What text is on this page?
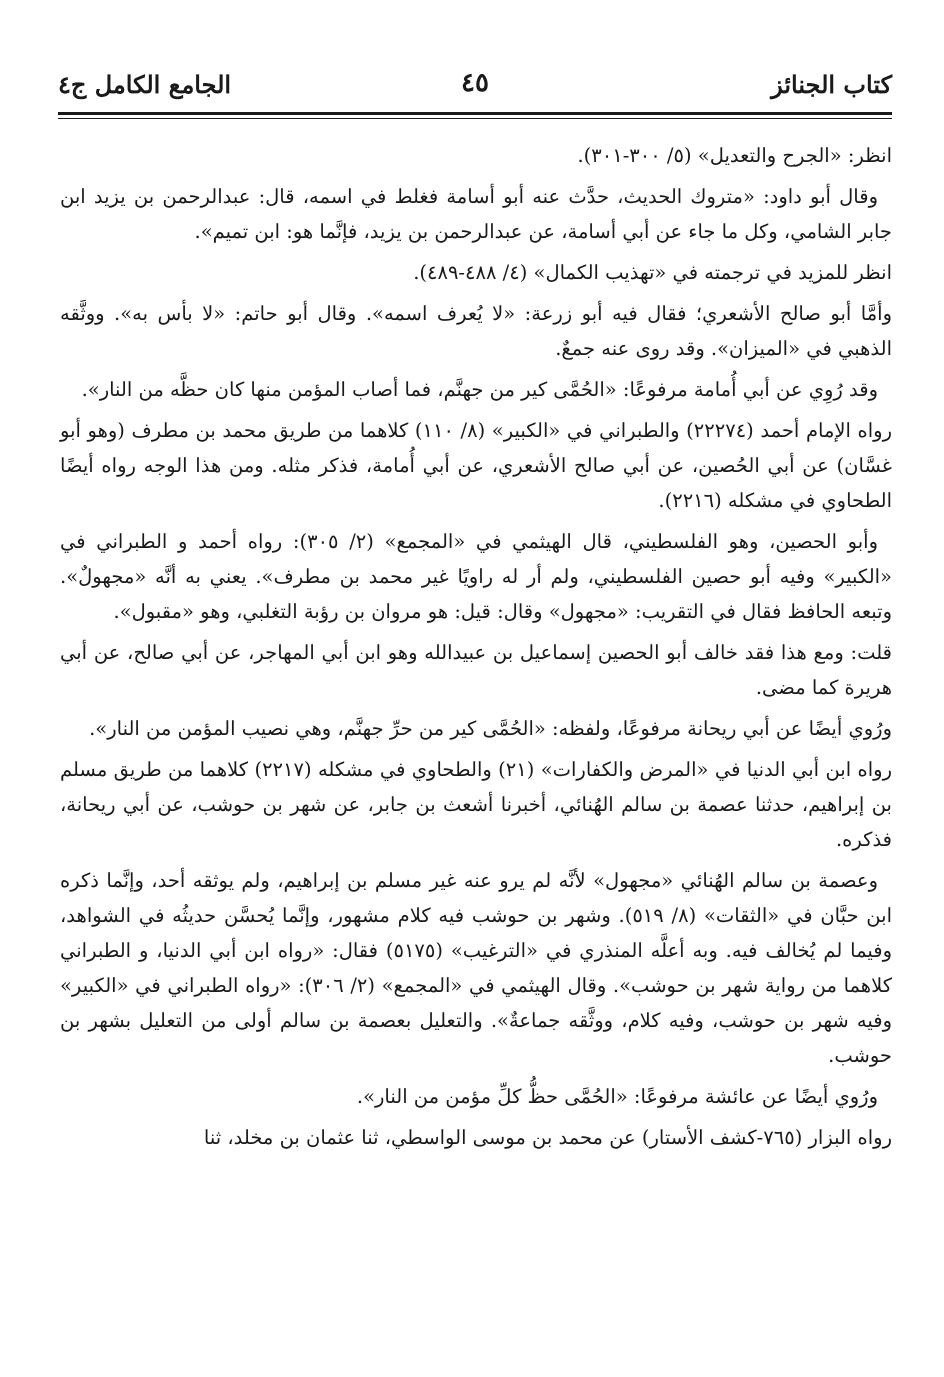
كتاب الجنائز
٤٥
الجامع الكامل ج٤

انظر: «الجرح والتعديل» (٥/ ٣٠٠-٣٠١).

وقال أبو داود: «متروك الحديث، حدَّث عنه أبو أسامة فغلط في اسمه، قال: عبدالرحمن بن يزيد ابن جابر الشامي، وكل ما جاء عن أبي أسامة، عن عبدالرحمن بن يزيد، فإنَّما هو: ابن تميم».

انظر للمزيد في ترجمته في «تهذيب الكمال» (٤/ ٤٨٨-٤٨٩).

وأمَّا أبو صالح الأشعري؛ فقال فيه أبو زرعة: «لا يُعرف اسمه». وقال أبو حاتم: «لا بأس به». ووثَّقه الذهبي في «الميزان». وقد روى عنه جمعٌ.

وقد رُوِي عن أبي أُمامة مرفوعًا: «الحُمَّى كير من جهنَّم، فما أصاب المؤمن منها كان حظَّه من النار».

رواه الإمام أحمد (٢٢٢٧٤) والطبراني في «الكبير» (٨/ ١١٠) كلاهما من طريق محمد بن مطرف (وهو أبو غسَّان) عن أبي الحُصين، عن أبي صالح الأشعري، عن أبي أُمامة، فذكر مثله. ومن هذا الوجه رواه أيضًا الطحاوي في مشكله (٢٢١٦).

وأبو الحصين، وهو الفلسطيني، قال الهيثمي في «المجمع» (٢/ ٣٠٥): رواه أحمد و الطبراني في «الكبير» وفيه أبو حصين الفلسطيني، ولم أر له راويًا غير محمد بن مطرف». يعني به أنَّه «مجهولٌ». وتبعه الحافظ فقال في التقريب: «مجهول» وقال: قيل: هو مروان بن رؤبة التغلبي، وهو «مقبول».

قلت: ومع هذا فقد خالف أبو الحصين إسماعيل بن عبيدالله وهو ابن أبي المهاجر، عن أبي صالح، عن أبي هريرة كما مضى.

ورُوي أيضًا عن أبي ريحانة مرفوعًا، ولفظه: «الحُمَّى كير من حرِّ جهنَّم، وهي نصيب المؤمن من النار».

رواه ابن أبي الدنيا في «المرض والكفارات» (٢١) والطحاوي في مشكله (٢٢١٧) كلاهما من طريق مسلم بن إبراهيم، حدثنا عصمة بن سالم الهُنائي، أخبرنا أشعث بن جابر، عن شهر بن حوشب، عن أبي ريحانة، فذكره.

وعصمة بن سالم الهُنائي «مجهول» لأنَّه لم يرو عنه غير مسلم بن إبراهيم، ولم يوثقه أحد، وإنَّما ذكره ابن حبَّان في «الثقات» (٨/ ٥١٩). وشهر بن حوشب فيه كلام مشهور، وإنَّما يُحسَّن حديثُه في الشواهد، وفيما لم يُخالف فيه. وبه أعلَّه المنذري في «الترغيب» (٥١٧٥) فقال: «رواه ابن أبي الدنيا، و الطبراني كلاهما من رواية شهر بن حوشب». وقال الهيثمي في «المجمع» (٢/ ٣٠٦): «رواه الطبراني في «الكبير» وفيه شهر بن حوشب، وفيه كلام، ووثَّقه جماعةٌ». والتعليل بعصمة بن سالم أولى من التعليل بشهر بن حوشب.

ورُوي أيضًا عن عائشة مرفوعًا: «الحُمَّى حظُّ كلِّ مؤمن من النار».

رواه البزار (٧٦٥-كشف الأستار) عن محمد بن موسى الواسطي، ثنا عثمان بن مخلد، ثنا
